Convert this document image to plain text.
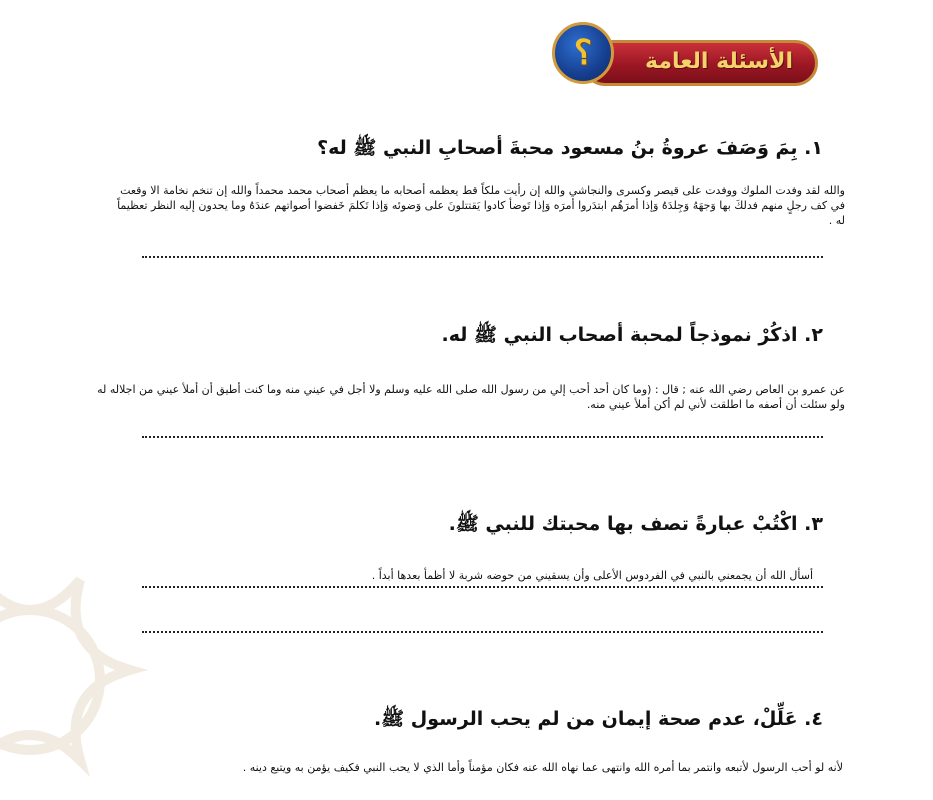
الأسئلة العامة
؟
١. بِمَ وَصَفَ عروةُ بنُ مسعود محبةَ أصحابِ النبي ﷺ له؟
والله لقد وفدت الملوك ووفدت على قيصر وكسرى والنجاشي والله إن رأيت ملكاً قط يعظمه أصحابه ما يعظم أصحاب محمد محمداً والله إن تنخم نخامة الا وقعت في كف رجلٍ منهم فدلكَ بها وَجهَهُ وَجِلدَهُ وَإذا أمرَهُم ابتدَروا أمرَه وَإذا تَوضأ كادوا يَقتتلونَ على وَضوئه وَإذا تَكلمَ خَفضوا أصواتهم عندَهُ وما يحدون إليه النظر تعظيماً له .
٢. اذكُرْ نموذجاً لمحبة أصحاب النبي ﷺ له.
عن عمرو بن العاص رضي الله عنه ; قال : (وما كان أحد أحب إلي من رسول الله صلى الله عليه وسلم ولا أجل في عيني منه وما كنت أطيق أن أملأ عيني من اجلاله له ولو سئلت أن أصفه ما اطلقت لأني لم أكن أملأ عيني منه.
٣. اكْتُبْ عبارةً تصف بها محبتك للنبي ﷺ.
أسأل الله أن يجمعني بالنبي في الفردوس الأعلى وأن يسقيني من حوضه شربة لا أظمأ بعدها أبداً .
٤. عَلِّلْ، عدم صحة إيمان من لم يحب الرسول ﷺ.
لأنه لو أحب الرسول لأتبعه وانتمر بما أمره الله وانتهى عما نهاه الله عنه فكان مؤمناً وأما الذي لا يحب النبي فكيف يؤمن به ويتبع دينه .
